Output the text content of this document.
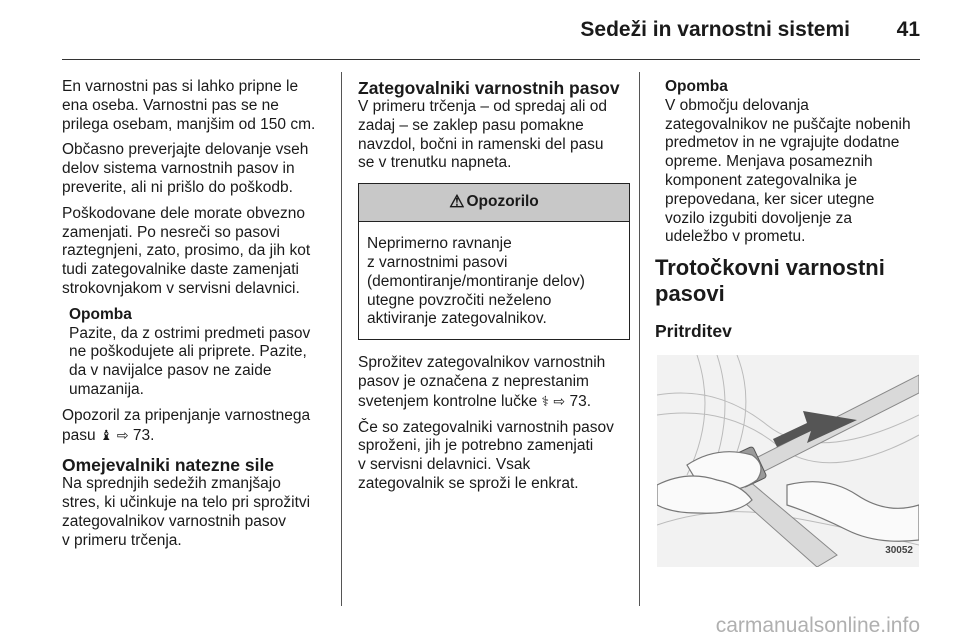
Sedeži in varnostni sistemi 41

En varnostni pas si lahko pripne le
ena oseba. Varnostni pas se ne
prilega osebam, manjšim od 150 cm.

Občasno preverjajte delovanje vseh
delov sistema varnostnih pasov in
preverite, ali ni prišlo do poškodb.

Poškodovane dele morate obvezno
zamenjati. Po nesreči so pasovi
raztegnjeni, zato, prosimo, da jih kot
tudi zategovalnike daste zamenjati
strokovnjakom v servisni delavnici.

Opomba
Pazite, da z ostrimi predmeti pasov
ne poškodujete ali priprete. Pazite,
da v navijalce pasov ne zaide
umazanija.

Opozoril za pripenjanje varnostnega
pasu ♝ ⇨ 73.

Omejevalniki natezne sile

Na sprednjih sedežih zmanjšajo
stres, ki učinkuje na telo pri sprožitvi
zategovalnikov varnostnih pasov
v primeru trčenja.

Zategovalniki varnostnih pasov

V primeru trčenja – od spredaj ali od
zadaj – se zaklep pasu pomakne
navzdol, bočni in ramenski del pasu
se v trenutku napneta.

⚠ Opozorilo
Neprimerno ravnanje
z varnostnimi pasovi
(demontiranje/montiranje delov)
utegne povzročiti neželeno
aktiviranje zategovalnikov.

Sprožitev zategovalnikov varnostnih
pasov je označena z neprestanim
svetenjem kontrolne lučke ⚕ ⇨ 73.

Če so zategovalniki varnostnih pasov
sproženi, jih je potrebno zamenjati
v servisni delavnici. Vsak
zategovalnik se sproži le enkrat.

Opomba
V območju delovanja
zategovalnikov ne puščajte nobenih
predmetov in ne vgrajujte dodatne
opreme. Menjava posameznih
komponent zategovalnika je
prepovedana, ker sicer utegne
vozilo izgubiti dovoljenje za
udeležbo v prometu.
Trotočkovni varnostni
pasovi
Pritrditev
30052
carmanualsonline.info
